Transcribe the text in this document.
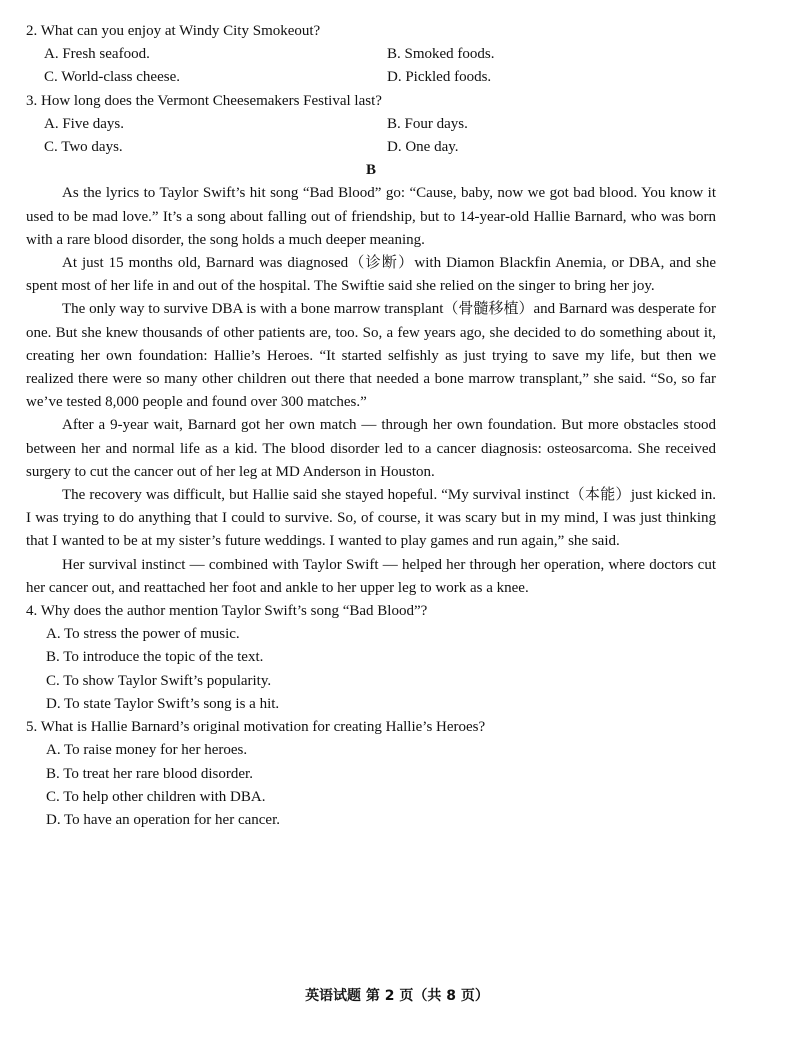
2. What can you enjoy at Windy City Smokeout?

A. Fresh seafood.	B. Smoked foods.
C. World-class cheese.	D. Pickled foods.

3. How long does the Vermont Cheesemakers Festival last?

A. Five days.	B. Four days.
C. Two days.	D. One day.

B

As the lyrics to Taylor Swift’s hit song “Bad Blood” go: “Cause, baby, now we got bad blood. You know it used to be mad love.” It’s a song about falling out of friendship, but to 14-year-old Hallie Barnard, who was born with a rare blood disorder, the song holds a much deeper meaning.

At just 15 months old, Barnard was diagnosed（诊断）with Diamon Blackfin Anemia, or DBA, and she spent most of her life in and out of the hospital. The Swiftie said she relied on the singer to bring her joy.

The only way to survive DBA is with a bone marrow transplant（骨髓移植）and Barnard was desperate for one. But she knew thousands of other patients are, too. So, a few years ago, she decided to do something about it, creating her own foundation: Hallie’s Heroes. “It started selfishly as just trying to save my life, but then we realized there were so many other children out there that needed a bone marrow transplant,” she said. “So, so far we’ve tested 8,000 people and found over 300 matches.”

After a 9-year wait, Barnard got her own match — through her own foundation. But more obstacles stood between her and normal life as a kid. The blood disorder led to a cancer diagnosis: osteosarcoma. She received surgery to cut the cancer out of her leg at MD Anderson in Houston.

The recovery was difficult, but Hallie said she stayed hopeful. “My survival instinct（本能）just kicked in. I was trying to do anything that I could to survive. So, of course, it was scary but in my mind, I was just thinking that I wanted to be at my sister’s future weddings. I wanted to play games and run again,” she said.

Her survival instinct — combined with Taylor Swift — helped her through her operation, where doctors cut her cancer out, and reattached her foot and ankle to her upper leg to work as a knee.

4. Why does the author mention Taylor Swift’s song “Bad Blood”?

A. To stress the power of music.
B. To introduce the topic of the text.
C. To show Taylor Swift’s popularity.
D. To state Taylor Swift’s song is a hit.

5. What is Hallie Barnard’s original motivation for creating Hallie’s Heroes?

A. To raise money for her heroes.
B. To treat her rare blood disorder.
C. To help other children with DBA.
D. To have an operation for her cancer.
英语试题 第 2 页（共 8 页）
